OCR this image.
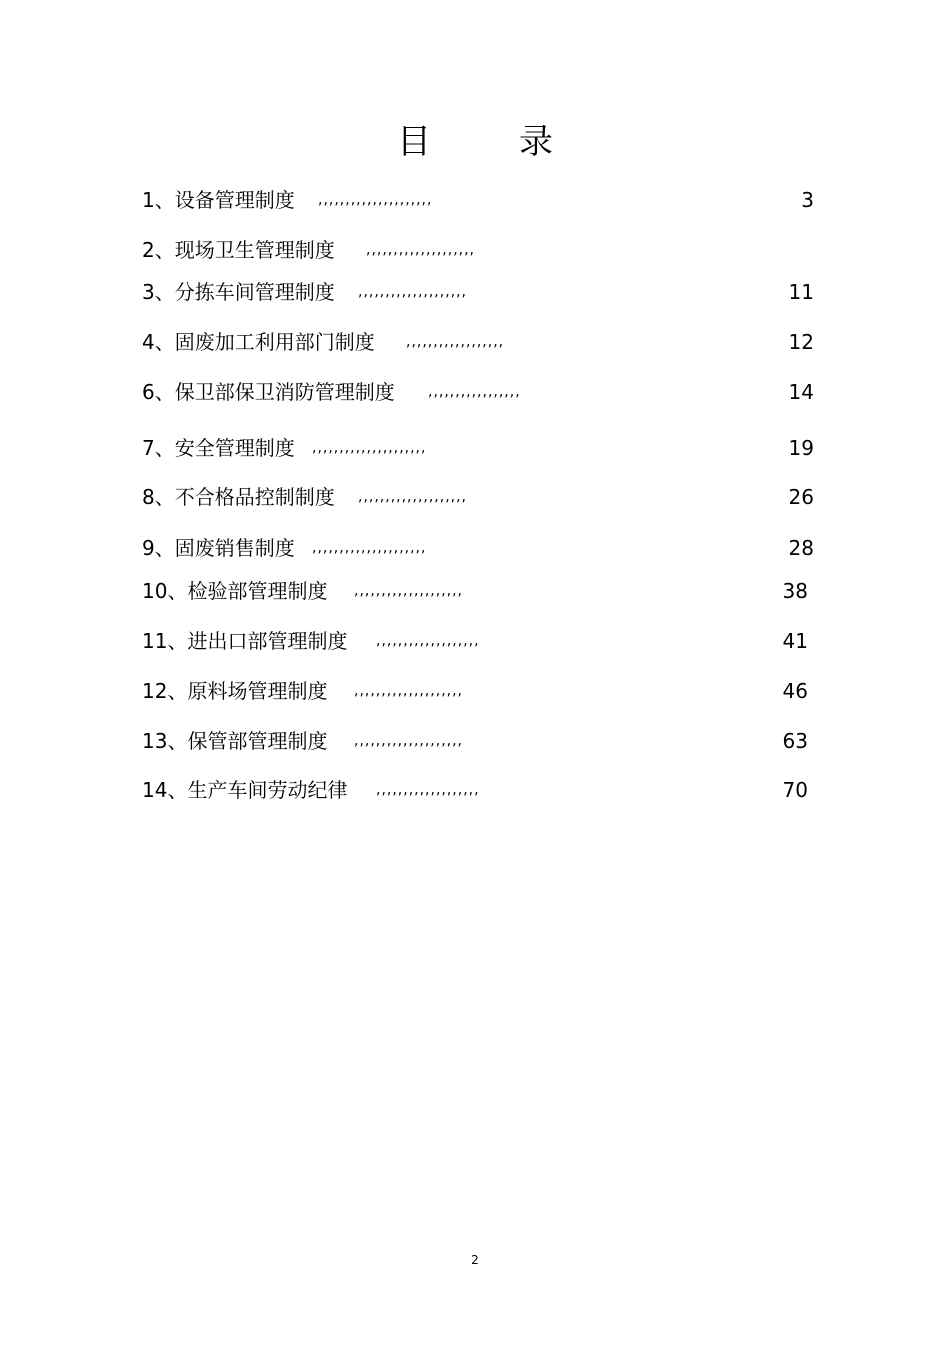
目	录
1、设备管理制度 ,,,,,,,,,,,,,,,,,,,,,	3
2、现场卫生管理制度 ,,,,,,,,,,,,,,,,,,,,
3、分拣车间管理制度 ,,,,,,,,,,,,,,,,,,,,	11
4、固废加工利用部门制度 ,,,,,,,,,,,,,,,,,,	12
6、保卫部保卫消防管理制度 ,,,,,,,,,,,,,,,,,	14
7、安全管理制度 ,,,,,,,,,,,,,,,,,,,,,	19
8、不合格品控制制度 ,,,,,,,,,,,,,,,,,,,,	26
9、固废销售制度 ,,,,,,,,,,,,,,,,,,,,,	28
10、检验部管理制度 ,,,,,,,,,,,,,,,,,,,,	38
11、进出口部管理制度 ,,,,,,,,,,,,,,,,,,,	41
12、原料场管理制度 ,,,,,,,,,,,,,,,,,,,,	46
13、保管部管理制度 ,,,,,,,,,,,,,,,,,,,,	63
14、生产车间劳动纪律 ,,,,,,,,,,,,,,,,,,,	70
2
